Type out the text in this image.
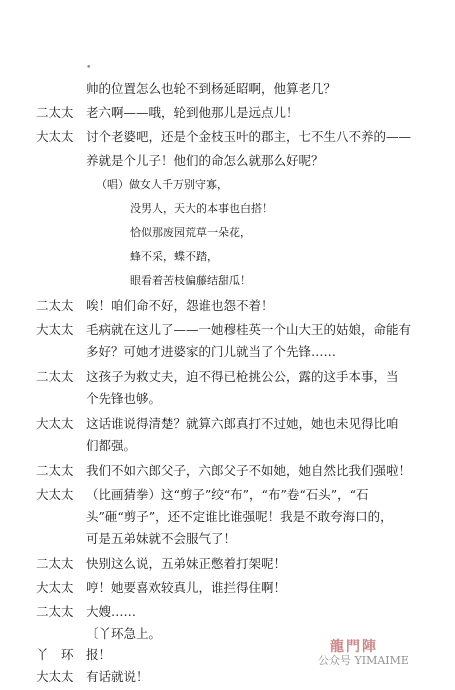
•
帅的位置怎么也轮不到杨延昭啊，他算老几？
二太太 老六啊——哦，轮到他那儿是远点儿！
大太太 讨个老婆吧，还是个金枝玉叶的郡主，七不生八不养的——
养就是个儿子！他们的命怎么就那么好呢？
（唱）做女人千万别守寡，
没男人，天大的本事也白搭！
恰似那废园荒草一朵花，
蜂不采，蝶不踏，
眼看着苦枝偏藤结甜瓜！
二太太 唉！咱们命不好，怨谁也怨不着！
大太太 毛病就在这儿了——一她穆桂英一个山大王的姑娘，命能有
多好？可她才进婆家的门儿就当了个先锋……
二太太 这孩子为救丈夫，迫不得已枪挑公公，露的这手本事，当
个先锋也够。
大太太 这话谁说得清楚？就算六郎真打不过她，她也未见得比咱
们都强。
二太太 我们不如六郎父子，六郎父子不如她，她自然比我们强啦！
大太太 （比画猜拳）这“剪子”绞“布”，“布”卷“石头”，“石
头”砸“剪子”，还不定谁比谁强呢！我是不敢夸海口的，
可是五弟妹就不会服气了！
二太太 快别这么说，五弟妹正憋着打架呢！
大太太 哼！她要喜欢较真儿，谁拦得住啊！
二太太 大嫂……
〔丫环急上。
丫　环 报！
大太太 有话就说！
龍門陣
公众号 YIMAIME
